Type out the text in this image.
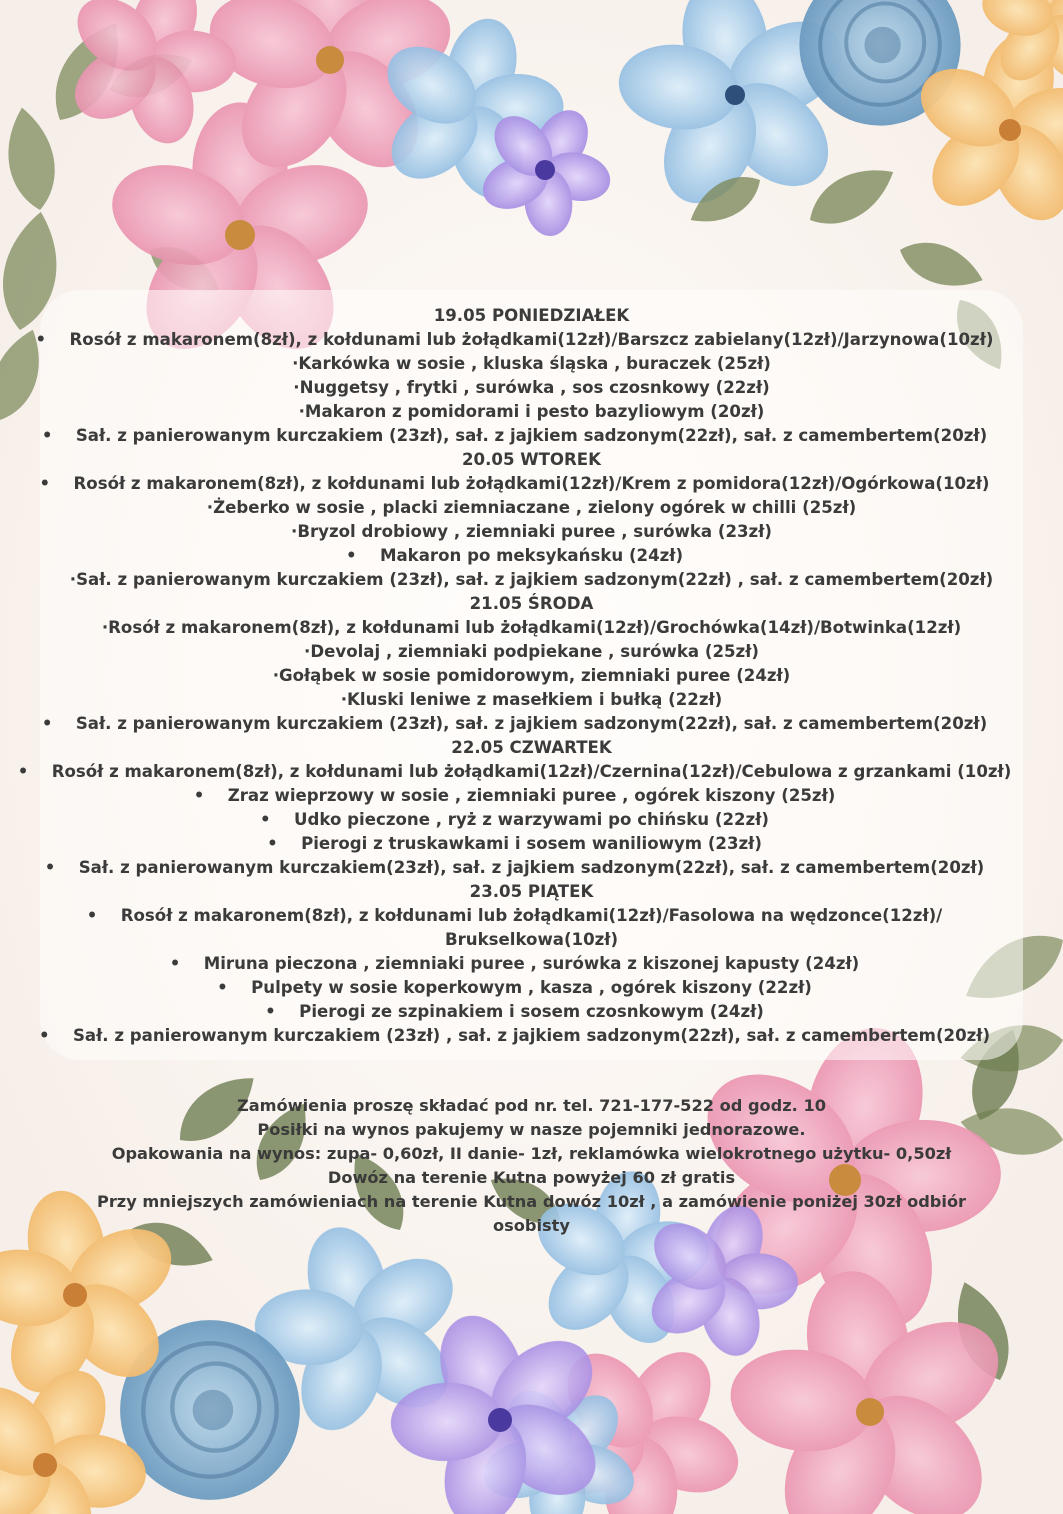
19.05 PONIEDZIAŁEK
• Rosół z makaronem(8zł), z kołdunami lub żołądkami(12zł)/Barszcz zabielany(12zł)/Jarzynowa(10zł)
·Karkówka w sosie , kluska śląska , buraczek (25zł)
·Nuggetsy , frytki , surówka , sos czosnkowy (22zł)
·Makaron z pomidorami i pesto bazyliowym (20zł)
• Sał. z panierowanym kurczakiem (23zł), sał. z jajkiem sadzonym(22zł), sał. z camembertem(20zł)
20.05 WTOREK
• Rosół z makaronem(8zł), z kołdunami lub żołądkami(12zł)/Krem z pomidora(12zł)/Ogórkowa(10zł)
·Żeberko w sosie , placki ziemniaczane , zielony ogórek w chilli (25zł)
·Bryzol drobiowy , ziemniaki puree , surówka (23zł)
• Makaron po meksykańsku (24zł)
·Sał. z panierowanym kurczakiem (23zł), sał. z jajkiem sadzonym(22zł) , sał. z camembertem(20zł)
21.05 ŚRODA
·Rosół z makaronem(8zł), z kołdunami lub żołądkami(12zł)/Grochówka(14zł)/Botwinka(12zł)
·Devolaj , ziemniaki podpiekane , surówka (25zł)
·Gołąbek w sosie pomidorowym, ziemniaki puree (24zł)
·Kluski leniwe z masełkiem i bułką (22zł)
• Sał. z panierowanym kurczakiem (23zł), sał. z jajkiem sadzonym(22zł), sał. z camembertem(20zł)
22.05 CZWARTEK
• Rosół z makaronem(8zł), z kołdunami lub żołądkami(12zł)/Czernina(12zł)/Cebulowa z grzankami (10zł)
• Zraz wieprzowy w sosie , ziemniaki puree , ogórek kiszony (25zł)
• Udko pieczone , ryż z warzywami po chińsku (22zł)
• Pierogi z truskawkami i sosem waniliowym (23zł)
• Sał. z panierowanym kurczakiem(23zł), sał. z jajkiem sadzonym(22zł), sał. z camembertem(20zł)
23.05 PIĄTEK
• Rosół z makaronem(8zł), z kołdunami lub żołądkami(12zł)/Fasolowa na wędzonce(12zł)/ Brukselkowa(10zł)
• Miruna pieczona , ziemniaki puree , surówka z kiszonej kapusty (24zł)
• Pulpety w sosie koperkowym , kasza , ogórek kiszony (22zł)
• Pierogi ze szpinakiem i sosem czosnkowym (24zł)
• Sał. z panierowanym kurczakiem (23zł) , sał. z jajkiem sadzonym(22zł), sał. z camembertem(20zł)
Zamówienia proszę składać pod nr. tel. 721-177-522 od godz. 10
Posiłki na wynos pakujemy w nasze pojemniki jednorazowe.
Opakowania na wynos: zupa- 0,60zł, II danie- 1zł, reklamówka wielokrotnego użytku- 0,50zł
Dowóz na terenie Kutna powyżej 60 zł gratis
Przy mniejszych zamówieniach na terenie Kutna dowóz 10zł , a zamówienie poniżej 30zł odbiór osobisty
